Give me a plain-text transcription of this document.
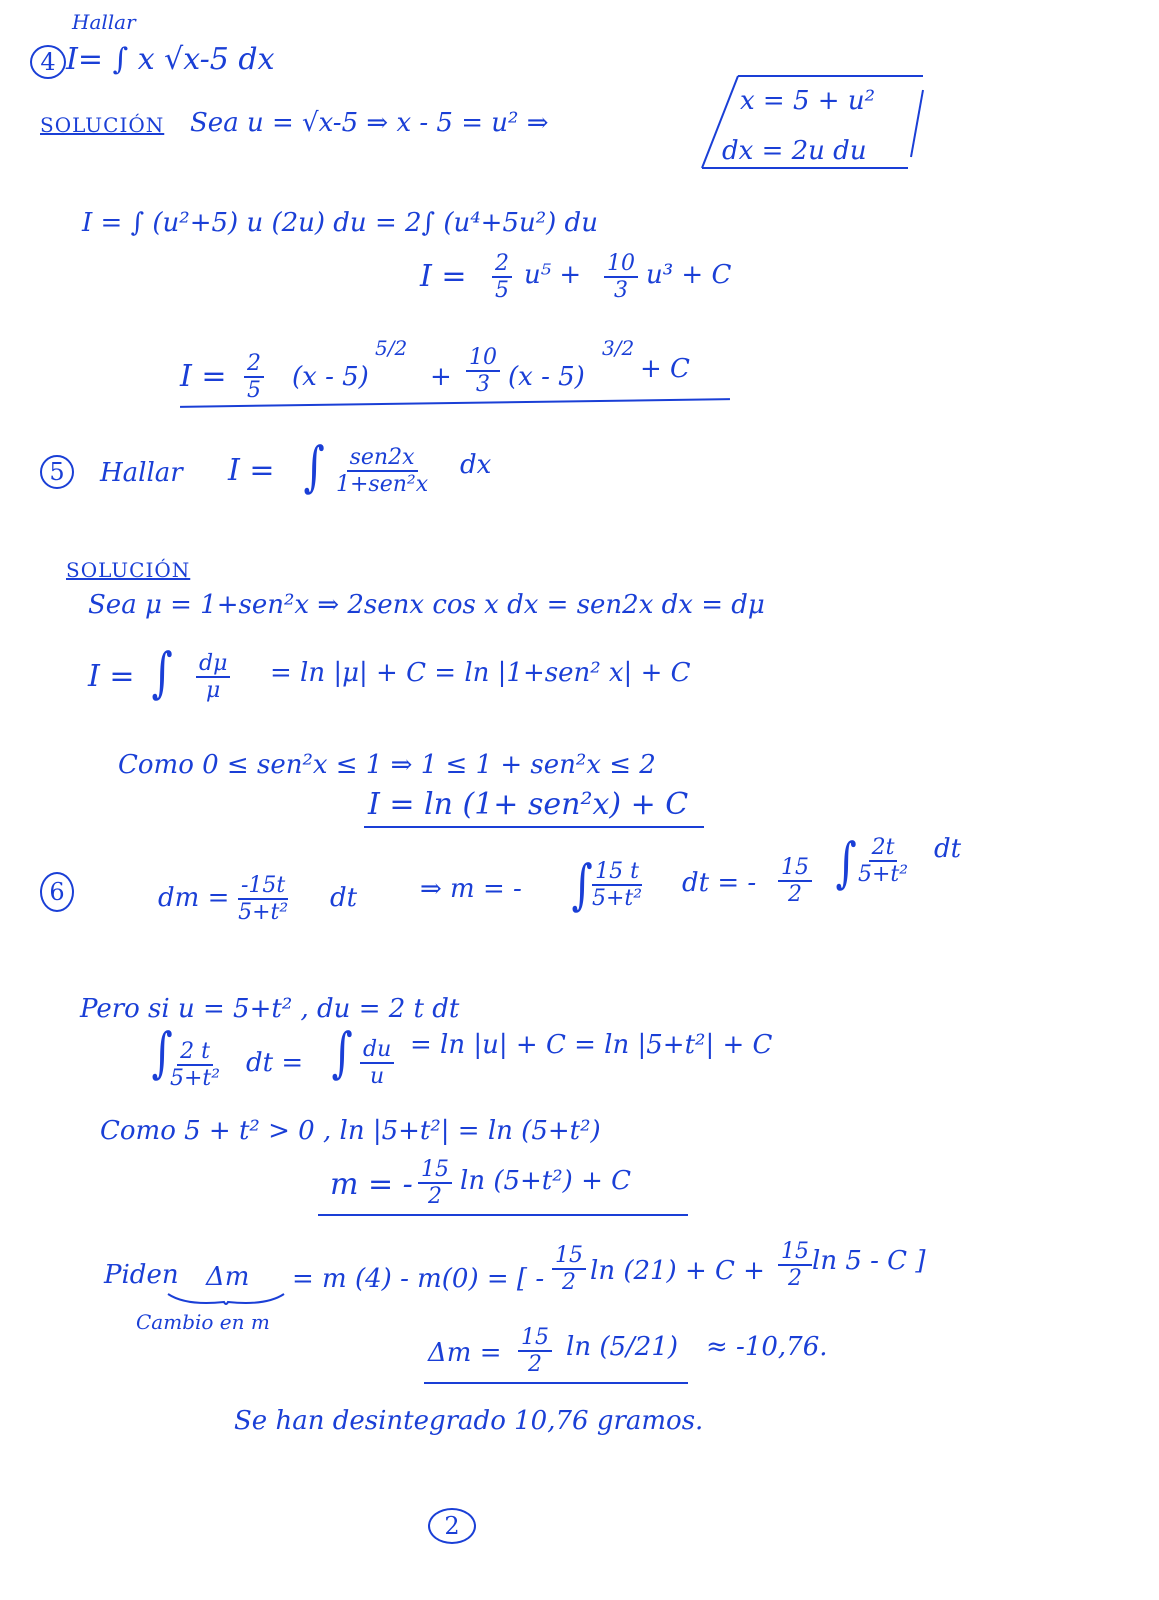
Hallar
4 I= ∫ x √x-5 dx
SOLUCIÓN Sea u = √x-5 ⇒ x - 5 = u² ⇒
x = 5 + u²
dx = 2u du
I = ∫ (u²+5) u (2u) du = 2∫ (u⁴+5u²) du
$I = \frac{2}{5} u^5 + \frac{10}{3} u^3 + C$
$I = \frac{2}{5} (x - 5)$
5/2
+ $\frac{10}{3} (x - 5)$
3/2
+ C
5	Hallar I = ∫ sen2x
1+sen²x
dx
SOLUCIÓN
Sea μ = 1+sen²x ⇒ 2senx cos x dx = sen2x dx = dμ
I = ∫ $\frac{d\mu}{\mu} = \ln |\mu| + C = \ln |1+sen^2$ x| + C
Como 0 ≤ sen²x ≤ 1 ⇒ 1 ≤ 1 + sen²x ≤ 2
I = ln (1+ sen²x) + C
6	dm = $\frac{-15t}{\text{5+t²}}$ dt ⇒ m = - ∫ $\frac{15 t}{\text{5+t²}}$ dt = - $\frac{15}{2}$ ∫ $\frac{2t}{\text{5+t²}}$ dt
Pero si u = 5+t² , du = 2 t dt
∫
$\frac{2 t}{\text{5+t²}}$ dt = ∫ $\frac{du}{u} = \ln |u| + C = \ln |5+t^2| + C$
Como 5 + t² > 0 , ln |5+t²| = ln (5+t²)
m = - $\frac{15}{2}$ ln (5+t²) + C
Piden Δm
Cambio en m
= m (4) - m(0) = [ - $\frac{15}{2}$ $\ln (21) + C + \frac{15}{2}$ ln 5 - C ]
$\Delta m = \frac{15}{2}$ ln (5/21) ≈ -10,76.
Se han desintegrado 10,76 gramos.
2
